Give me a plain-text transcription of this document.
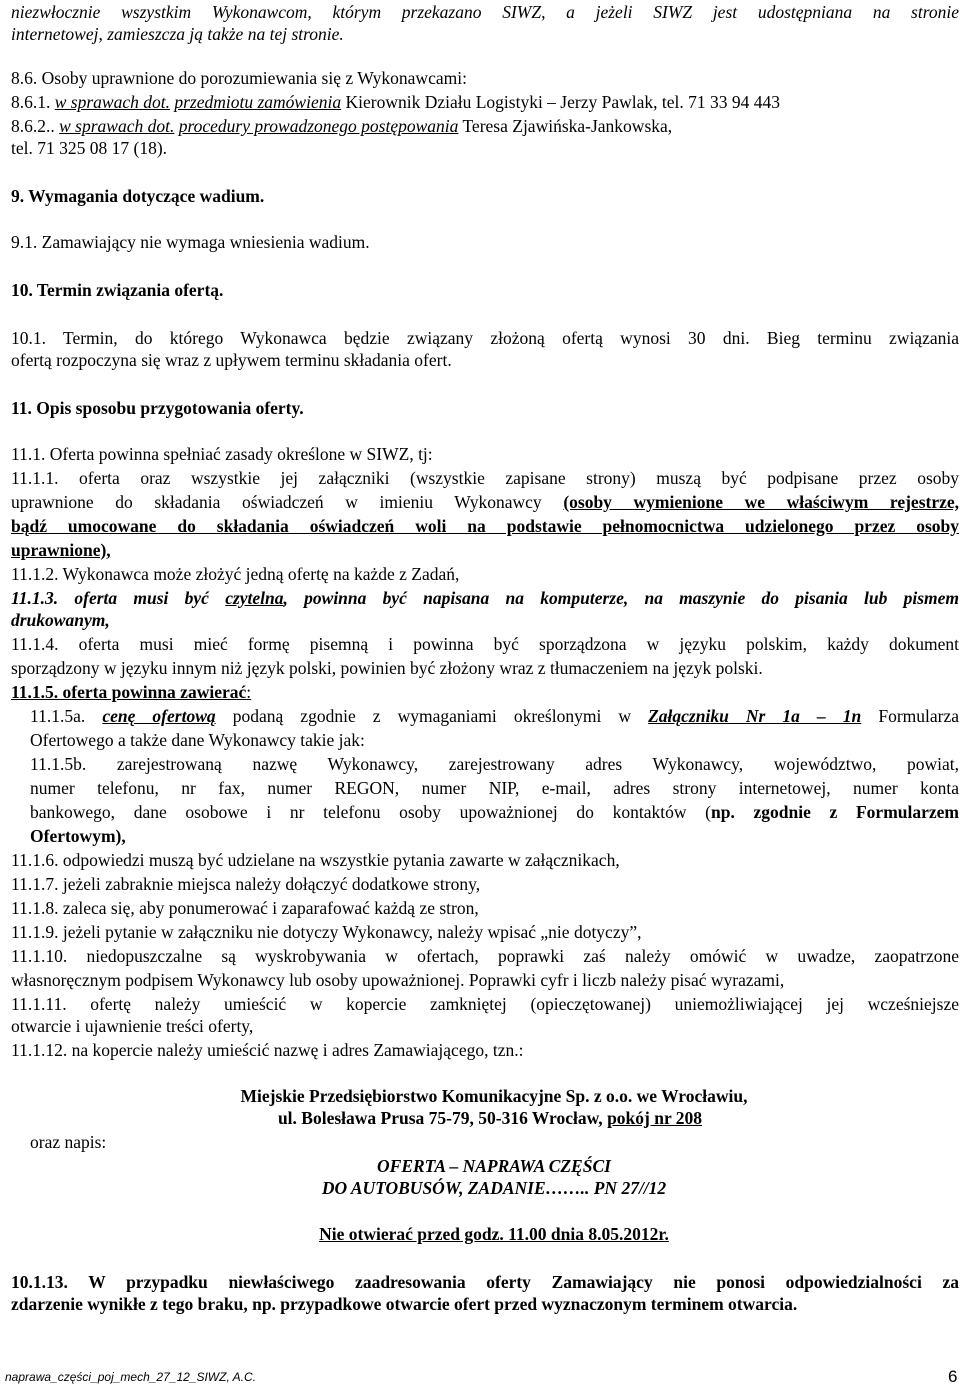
niezwłocznie wszystkim Wykonawcom, którym przekazano SIWZ, a jeżeli SIWZ jest udostępniana na stronie
internetowej, zamieszcza ją także na tej stronie.
8.6. Osoby uprawnione do porozumiewania się z Wykonawcami:
8.6.1. w sprawach dot. przedmiotu zamówienia Kierownik Działu Logistyki – Jerzy Pawlak, tel. 71 33 94 443
8.6.2.. w sprawach dot. procedury prowadzonego postępowania Teresa Zjawińska-Jankowska,
tel. 71 325 08 17 (18).
9. Wymagania dotyczące wadium.
9.1. Zamawiający nie wymaga wniesienia wadium.
10. Termin związania ofertą.
10.1. Termin, do którego Wykonawca będzie związany złożoną ofertą wynosi 30 dni. Bieg terminu związania
ofertą rozpoczyna się wraz z upływem terminu składania ofert.
11. Opis sposobu przygotowania oferty.
11.1. Oferta powinna spełniać zasady określone w SIWZ, tj:
11.1.1. oferta oraz wszystkie jej załączniki (wszystkie zapisane strony) muszą być podpisane przez osoby
uprawnione do składania oświadczeń w imieniu Wykonawcy (osoby wymienione we właściwym rejestrze,
bądź umocowane do składania oświadczeń woli na podstawie pełnomocnictwa udzielonego przez osoby
uprawnione),
11.1.2. Wykonawca może złożyć jedną ofertę na każde z Zadań,
11.1.3. oferta musi być czytelna, powinna być napisana na komputerze, na maszynie do pisania lub pismem
drukowanym,
11.1.4. oferta musi mieć formę pisemną i powinna być sporządzona w języku polskim, każdy dokument
sporządzony w języku innym niż język polski, powinien być złożony wraz z tłumaczeniem na język polski.
11.1.5. oferta powinna zawierać:
11.1.5a. cenę ofertową podaną zgodnie z wymaganiami określonymi w Załączniku Nr 1a – 1n Formularza
Ofertowego a także dane Wykonawcy takie jak:
11.1.5b. zarejestrowaną nazwę Wykonawcy, zarejestrowany adres Wykonawcy, województwo, powiat,
numer telefonu, nr fax, numer REGON, numer NIP, e-mail, adres strony internetowej, numer konta
bankowego, dane osobowe i nr telefonu osoby upoważnionej do kontaktów (np. zgodnie z Formularzem
Ofertowym),
11.1.6. odpowiedzi muszą być udzielane na wszystkie pytania zawarte w załącznikach,
11.1.7. jeżeli zabraknie miejsca należy dołączyć dodatkowe strony,
11.1.8. zaleca się, aby ponumerować i zaparafować każdą ze stron,
11.1.9. jeżeli pytanie w załączniku nie dotyczy Wykonawcy, należy wpisać „nie dotyczy”,
11.1.10. niedopuszczalne są wyskrobywania w ofertach, poprawki zaś należy omówić w uwadze, zaopatrzone
własnoręcznym podpisem Wykonawcy lub osoby upoważnionej. Poprawki cyfr i liczb należy pisać wyrazami,
11.1.11. ofertę należy umieścić w kopercie zamkniętej (opieczętowanej) uniemożliwiającej jej wcześniejsze
otwarcie i ujawnienie treści oferty,
11.1.12. na kopercie należy umieścić nazwę i adres Zamawiającego, tzn.:
Miejskie Przedsiębiorstwo Komunikacyjne Sp. z o.o. we Wrocławiu,
ul. Bolesława Prusa 75-79, 50-316 Wrocław, pokój nr 208
oraz napis:
OFERTA – NAPRAWA CZĘŚCI
DO AUTOBUSÓW, ZADANIE…….. PN 27//12
Nie otwierać przed godz. 11.00 dnia 8.05.2012r.
10.1.13. W przypadku niewłaściwego zaadresowania oferty Zamawiający nie ponosi odpowiedzialności za
zdarzenie wynikłe z tego braku, np. przypadkowe otwarcie ofert przed wyznaczonym terminem otwarcia.
naprawa_części_poj_mech_27_12_SIWZ, A.C.	6
